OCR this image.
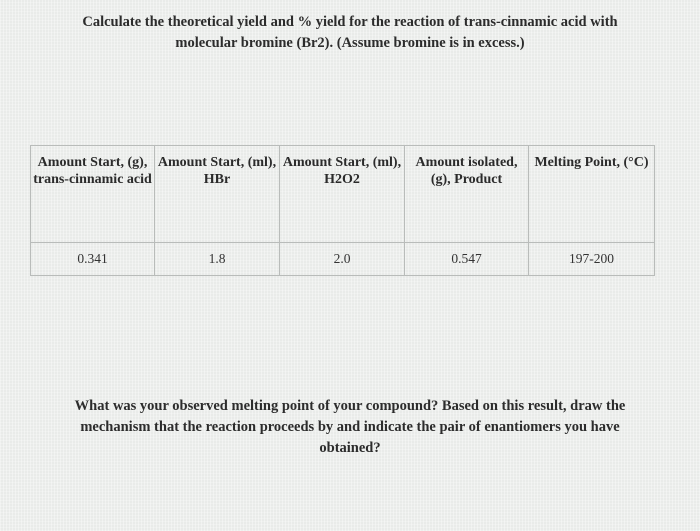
Calculate the theoretical yield and % yield for the reaction of trans-cinnamic acid with
molecular bromine (Br2). (Assume bromine is in excess.)
Amount Start, (g), trans-cinnamic acid	Amount Start, (ml), HBr	Amount Start, (ml), H2O2	Amount isolated, (g), Product	Melting Point, (°C)
0.341	1.8	2.0	0.547	197-200
What was your observed melting point of your compound? Based on this result, draw the
mechanism that the reaction proceeds by and indicate the pair of enantiomers you have
obtained?
